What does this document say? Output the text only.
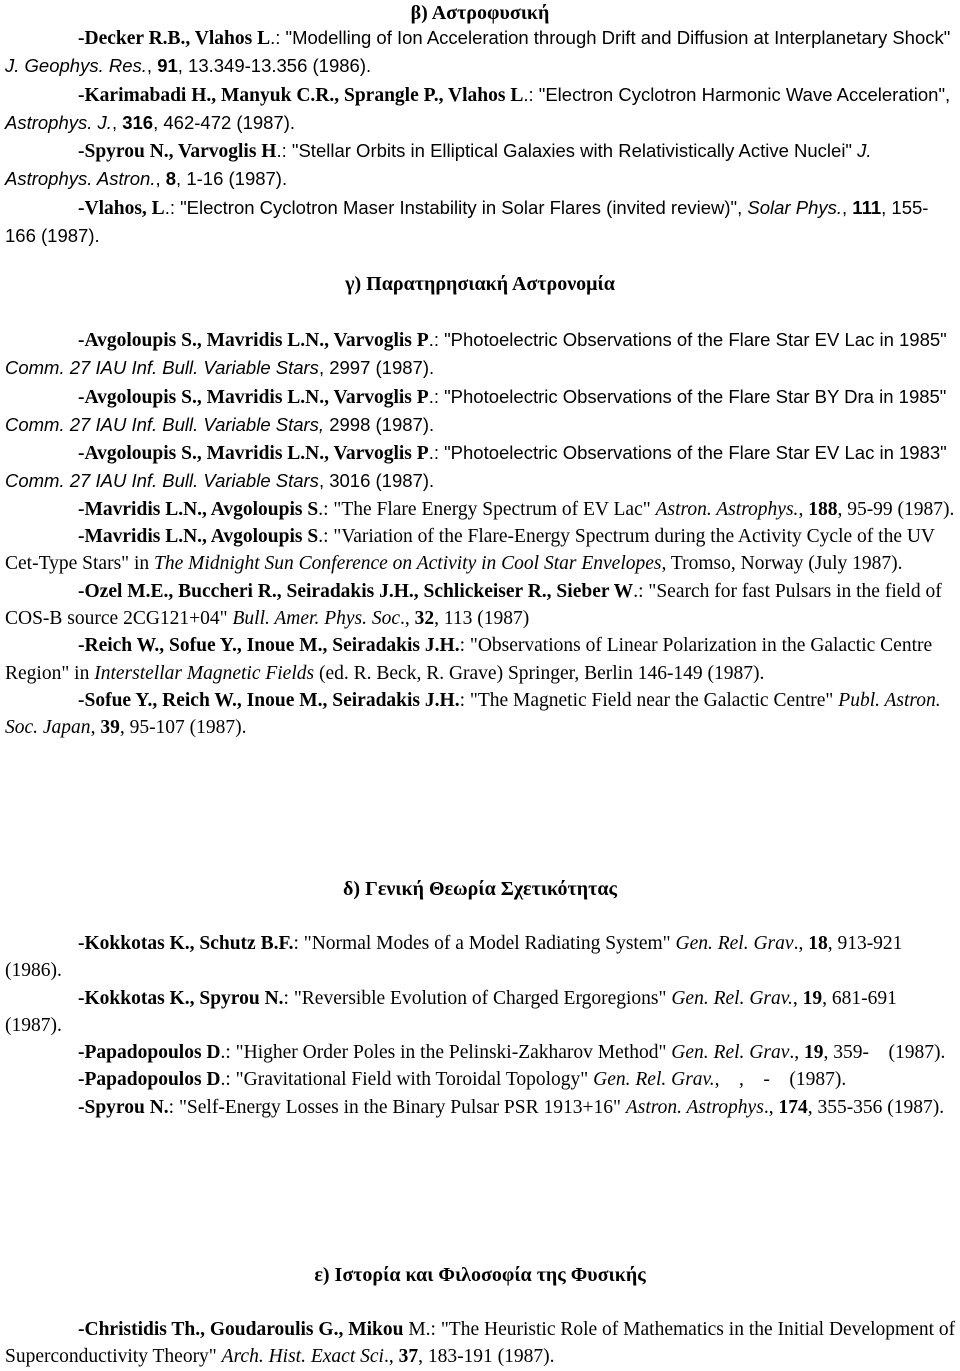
β) Αστροφυσική

-Decker R.B., Vlahos L.: "Modelling of Ion Acceleration through Drift and Diffusion at Interplanetary Shock" J. Geophys. Res., 91, 13.349-13.356 (1986).

-Karimabadi H., Manyuk C.R., Sprangle P., Vlahos L.: "Electron Cyclotron Harmonic Wave Acceleration", Astrophys. J., 316, 462-472 (1987).

-Spyrou N., Varvoglis H.: "Stellar Orbits in Elliptical Galaxies with Relativistically Active Nuclei" J. Astrophys. Astron., 8, 1-16 (1987).

-Vlahos, L.: "Electron Cyclotron Maser Instability in Solar Flares (invited review)", Solar Phys., 111, 155-166 (1987).

γ) Παρατηρησιακή Αστρονομία

-Avgoloupis S., Mavridis L.N., Varvoglis P.: "Photoelectric Observations of the Flare Star EV Lac in 1985" Comm. 27 IAU Inf. Bull. Variable Stars, 2997 (1987).

-Avgoloupis S., Mavridis L.N., Varvoglis P.: "Photoelectric Observations of the Flare Star BY Dra in 1985" Comm. 27 IAU Inf. Bull. Variable Stars, 2998 (1987).

-Avgoloupis S., Mavridis L.N., Varvoglis P.: "Photoelectric Observations of the Flare Star EV Lac in 1983" Comm. 27 IAU Inf. Bull. Variable Stars, 3016 (1987).

-Mavridis L.N., Avgoloupis S.: "The Flare Energy Spectrum of EV Lac" Astron. Astrophys., 188, 95-99 (1987).

-Mavridis L.N., Avgoloupis S.: "Variation of the Flare-Energy Spectrum during the Activity Cycle of the UV Cet-Type Stars" in The Midnight Sun Conference on Activity in Cool Star Envelopes, Tromso, Norway (July 1987).

-Ozel M.E., Buccheri R., Seiradakis J.H., Schlickeiser R., Sieber W.: "Search for fast Pulsars in the field of COS-B source 2CG121+04" Bull. Amer. Phys. Soc., 32, 113 (1987)

-Reich W., Sofue Y., Inoue M., Seiradakis J.H.: "Observations of Linear Polarization in the Galactic Centre Region" in Interstellar Magnetic Fields (ed. R. Beck, R. Grave) Springer, Berlin 146-149 (1987).

-Sofue Y., Reich W., Inoue M., Seiradakis J.H.: "The Magnetic Field near the Galactic Centre" Publ. Astron. Soc. Japan, 39, 95-107 (1987).

δ) Γενική Θεωρία Σχετικότητας

-Kokkotas K., Schutz B.F.: "Normal Modes of a Model Radiating System" Gen. Rel. Grav., 18, 913-921 (1986).

-Kokkotas K., Spyrou N.: "Reversible Evolution of Charged Ergoregions" Gen. Rel. Grav., 19, 681-691 (1987).

-Papadopoulos D.: "Higher Order Poles in the Pelinski-Zakharov Method" Gen. Rel. Grav., 19, 359-    (1987).

-Papadopoulos D.: "Gravitational Field with Toroidal Topology" Gen. Rel. Grav.,    ,    -    (1987).

-Spyrou N.: "Self-Energy Losses in the Binary Pulsar PSR 1913+16" Astron. Astrophys., 174, 355-356 (1987).

ε) Ιστορία και Φιλοσοφία της Φυσικής

-Christidis Th., Goudaroulis G., Mikou M.: "The Heuristic Role of Mathematics in the Initial Development of Superconductivity Theory" Arch. Hist. Exact Sci., 37, 183-191 (1987).
